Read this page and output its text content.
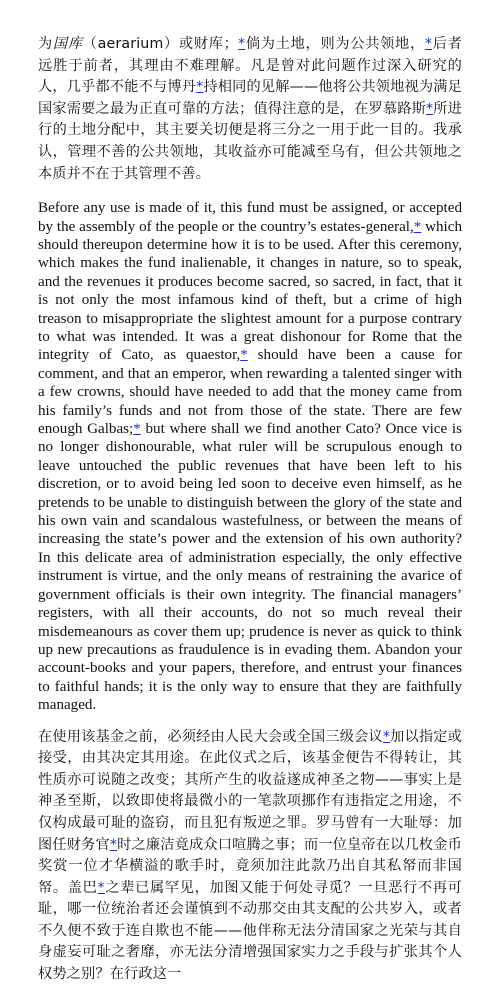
为国库（aerarium）或财库；*倘为土地，则为公共领地，*后者远胜于前者，其理由不难理解。凡是曾对此问题作过深入研究的人，几乎都不能不与博丹*持相同的见解——他将公共领地视为满足国家需要之最为正直可靠的方法；值得注意的是，在罗慕路斯*所进行的土地分配中，其主要关切便是将三分之一用于此一目的。我承认，管理不善的公共领地，其收益亦可能减至乌有，但公共领地之本质并不在于其管理不善。

Before any use is made of it, this fund must be assigned, or accepted by the assembly of the people or the country’s estates-general,* which should thereupon determine how it is to be used. After this ceremony, which makes the fund inalienable, it changes in nature, so to speak, and the revenues it produces become sacred, so sacred, in fact, that it is not only the most infamous kind of theft, but a crime of high treason to misappropriate the slightest amount for a purpose contrary to what was intended. It was a great dishonour for Rome that the integrity of Cato, as quaestor,* should have been a cause for comment, and that an emperor, when rewarding a talented singer with a few crowns, should have needed to add that the money came from his family’s funds and not from those of the state. There are few enough Galbas;* but where shall we find another Cato? Once vice is no longer dishonourable, what ruler will be scrupulous enough to leave untouched the public revenues that have been left to his discretion, or to avoid being led soon to deceive even himself, as he pretends to be unable to distinguish between the glory of the state and his own vain and scandalous wastefulness, or between the means of increasing the state’s power and the extension of his own authority? In this delicate area of administration especially, the only effective instrument is virtue, and the only means of restraining the avarice of government officials is their own integrity. The financial managers’ registers, with all their accounts, do not so much reveal their misdemeanours as cover them up; prudence is never as quick to think up new precautions as fraudulence is in evading them. Abandon your account-books and your papers, therefore, and entrust your finances to faithful hands; it is the only way to ensure that they are faithfully managed.

在使用该基金之前，必须经由人民大会或全国三级会议*加以指定或接受，由其决定其用途。在此仪式之后，该基金便告不得转让，其性质亦可说随之改变；其所产生的收益遂成神圣之物——事实上是神圣至斯，以致即使将最微小的一笔款项挪作有违指定之用途，不仅构成最可耻的盗窃，而且犯有叛逆之罪。罗马曾有一大耻辱：加图任财务官*时之廉洁竟成众口喧腾之事；而一位皇帝在以几枚金币奖赏一位才华横溢的歌手时，竟须加注此款乃出自其私帑而非国帑。盖巴*之辈已属罕见，加图又能于何处寻觅？一旦恶行不再可耻，哪一位统治者还会谨慎到不动那交由其支配的公共岁入，或者不久便不致于连自欺也不能——他伴称无法分清国家之光荣与其自身虚妄可耻之奢靡，亦无法分清增强国家实力之手段与扩张其个人权势之别？在行政这一
